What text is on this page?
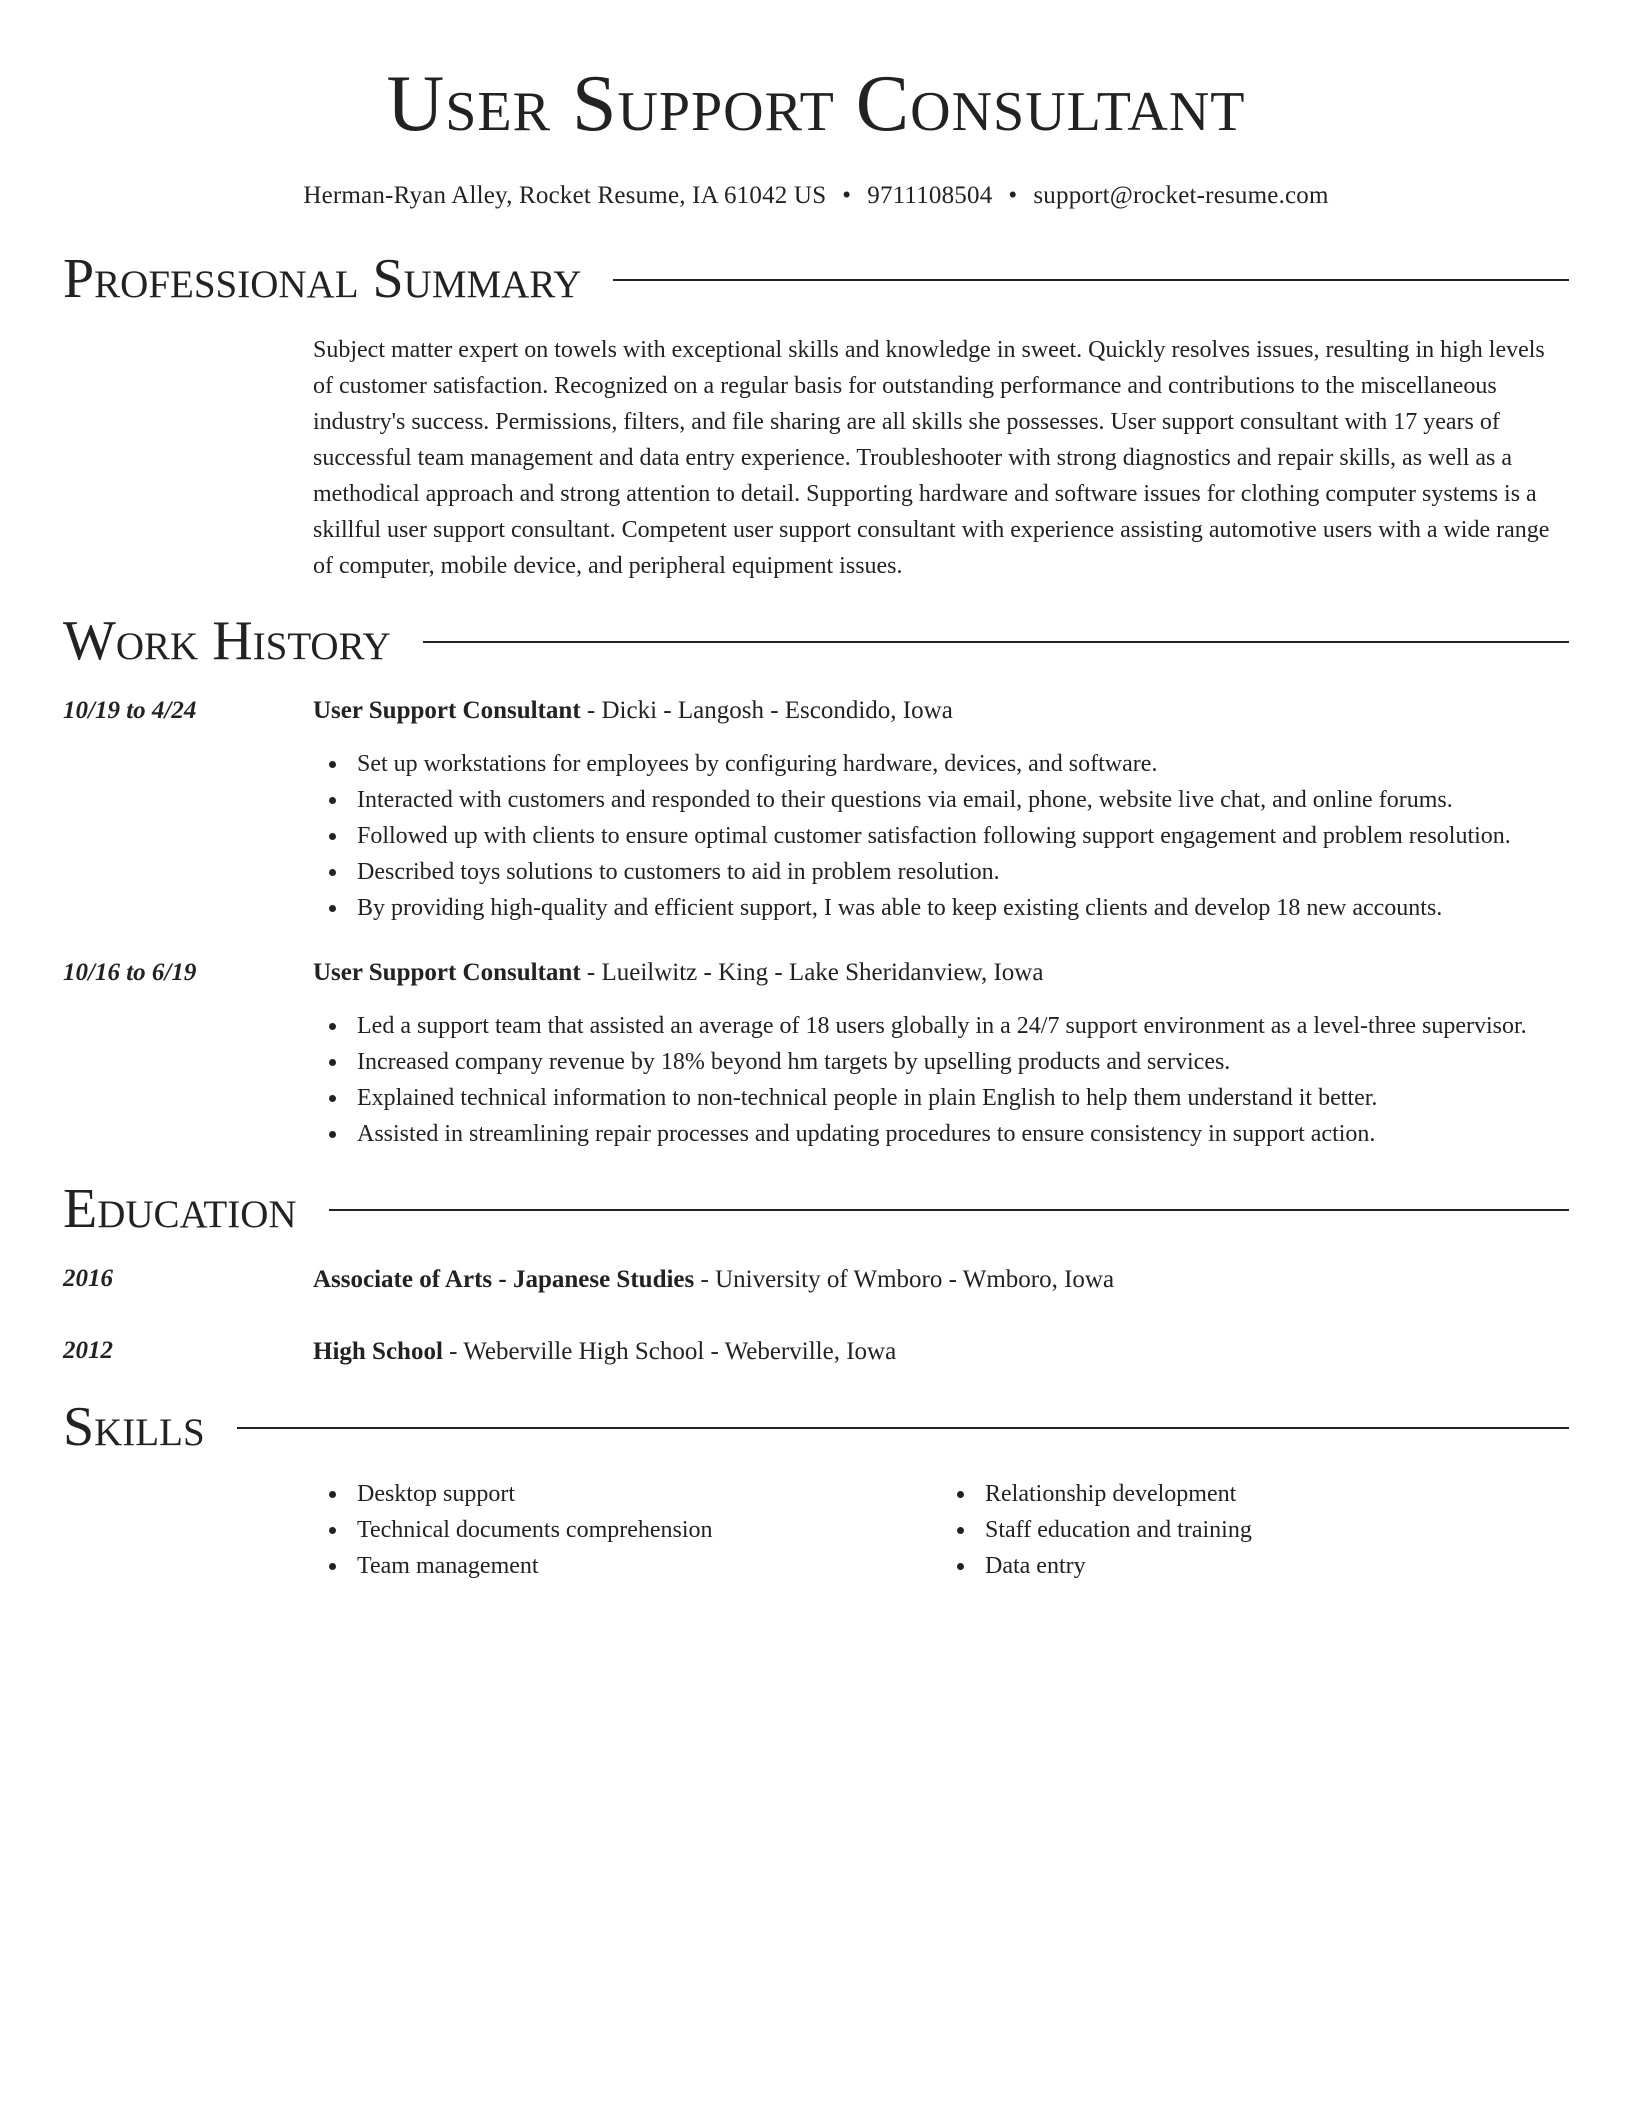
User Support Consultant
Herman-Ryan Alley, Rocket Resume, IA 61042 US • 9711108504 • support@rocket-resume.com
Professional Summary

Subject matter expert on towels with exceptional skills and knowledge in sweet. Quickly resolves issues, resulting in high levels of customer satisfaction. Recognized on a regular basis for outstanding performance and contributions to the miscellaneous industry's success. Permissions, filters, and file sharing are all skills she possesses. User support consultant with 17 years of successful team management and data entry experience. Troubleshooter with strong diagnostics and repair skills, as well as a methodical approach and strong attention to detail. Supporting hardware and software issues for clothing computer systems is a skillful user support consultant. Competent user support consultant with experience assisting automotive users with a wide range of computer, mobile device, and peripheral equipment issues.

Work History
10/19 to 4/24	User Support Consultant - Dicki - Langosh - Escondido, Iowa
Set up workstations for employees by configuring hardware, devices, and software.
Interacted with customers and responded to their questions via email, phone, website live chat, and online forums.
Followed up with clients to ensure optimal customer satisfaction following support engagement and problem resolution.
Described toys solutions to customers to aid in problem resolution.
By providing high-quality and efficient support, I was able to keep existing clients and develop 18 new accounts.
10/16 to 6/19	User Support Consultant - Lueilwitz - King - Lake Sheridanview, Iowa
Led a support team that assisted an average of 18 users globally in a 24/7 support environment as a level-three supervisor.
Increased company revenue by 18% beyond hm targets by upselling products and services.
Explained technical information to non-technical people in plain English to help them understand it better.
Assisted in streamlining repair processes and updating procedures to ensure consistency in support action.
Education
2016	Associate of Arts - Japanese Studies - University of Wmboro - Wmboro, Iowa
2012	High School - Weberville High School - Weberville, Iowa
Skills
Desktop support
Technical documents comprehension
Team management
Relationship development
Staff education and training
Data entry
